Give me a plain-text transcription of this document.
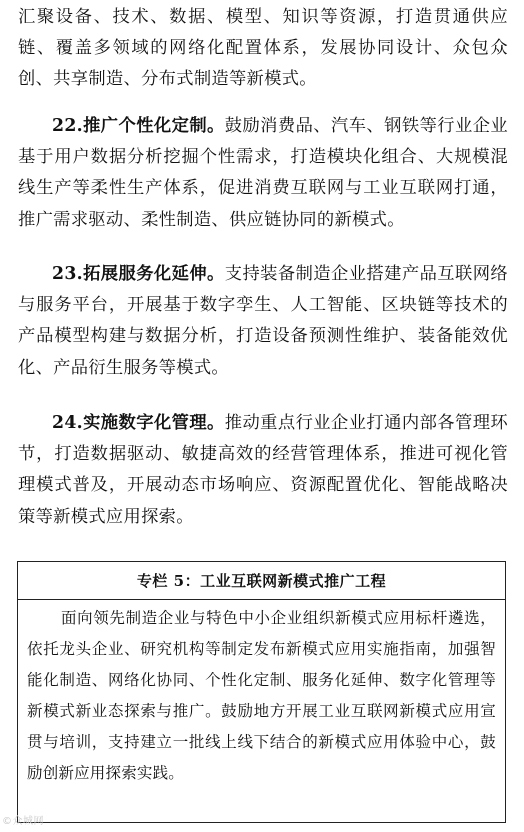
汇聚设备、技术、数据、模型、知识等资源，打造贯通供应链、覆盖多领域的网络化配置体系，发展协同设计、众包众创、共享制造、分布式制造等新模式。

22.推广个性化定制。鼓励消费品、汽车、钢铁等行业企业基于用户数据分析挖掘个性需求，打造模块化组合、大规模混线生产等柔性生产体系，促进消费互联网与工业互联网打通，推广需求驱动、柔性制造、供应链协同的新模式。

23.拓展服务化延伸。支持装备制造企业搭建产品互联网络与服务平台，开展基于数字孪生、人工智能、区块链等技术的产品模型构建与数据分析，打造设备预测性维护、装备能效优化、产品衍生服务等模式。

24.实施数字化管理。推动重点行业企业打通内部各管理环节，打造数据驱动、敏捷高效的经营管理体系，推进可视化管理模式普及，开展动态市场响应、资源配置优化、智能战略决策等新模式应用探索。

专栏 5：工业互联网新模式推广工程

面向领先制造企业与特色中小企业组织新模式应用标杆遴选，依托龙头企业、研究机构等制定发布新模式应用实施指南，加强智能化制造、网络化协同、个性化定制、服务化延伸、数字化管理等新模式新业态探索与推广。鼓励地方开展工业互联网新模式应用宣贯与培训，支持建立一批线上线下结合的新模式应用体验中心，鼓励创新应用探索实践。

©众城网
